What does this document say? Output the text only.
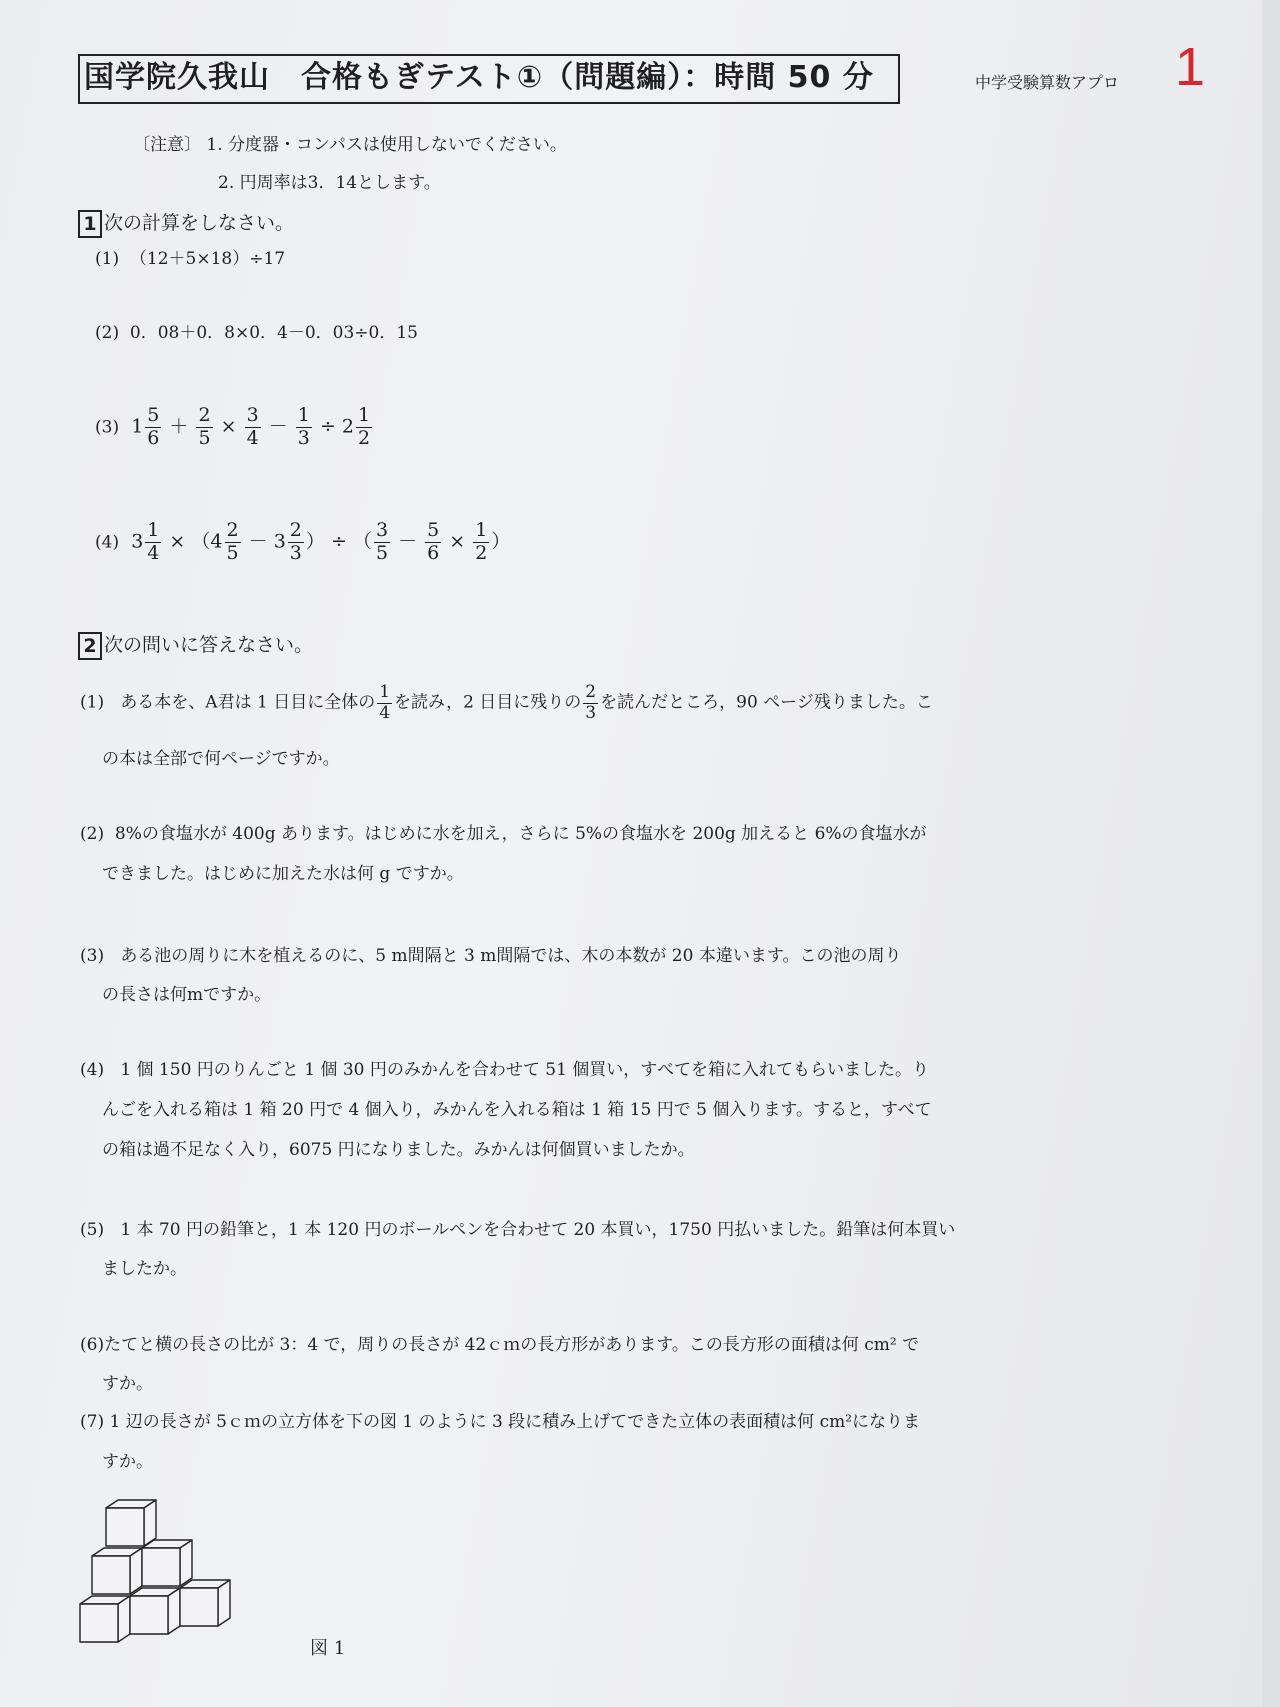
国学院久我山　合格もぎテスト①（問題編）：時間 50 分	中学受験算数アプロ 1
〔注意〕 1. 分度器・コンパスは使用しないでください。
2. 円周率は3．14とします。
1 次の計算をしなさい。
(1) （12＋5×18）÷17
(2) 0．08＋0．8×0．4－0．03÷0．15
(3) $1 \frac{5}{6} + \frac{2}{5} \times \frac{3}{4} - \frac{1}{3} \div 2 \frac{1}{2}$
(4) $3 \frac{1}{4} \times (4 \frac{2}{5} - 3 \frac{2}{3}$ ） ÷ （ $\frac{3}{5} - \frac{5}{6} \times \frac{1}{2}$ ）
2 次の問いに答えなさい。
(1) ある本を、A君は 1 日目に全体の $\frac{1}{4}$ を読み，2 日目に残りの $\frac{2}{3}$ を読んだところ，90 ページ残りました。こ
の本は全部で何ページですか。
(2) 8%の食塩水が 400g あります。はじめに水を加え，さらに 5%の食塩水を 200g 加えると 6%の食塩水が
できました。はじめに加えた水は何 g ですか。
(3) ある池の周りに木を植えるのに、5 m間隔と 3 m間隔では、木の本数が 20 本違います。この池の周り
の長さは何mですか。
(4) 1 個 150 円のりんごと 1 個 30 円のみかんを合わせて 51 個買い，すべてを箱に入れてもらいました。り
んごを入れる箱は 1 箱 20 円で 4 個入り，みかんを入れる箱は 1 箱 15 円で 5 個入ります。すると，すべて
の箱は過不足なく入り，6075 円になりました。みかんは何個買いましたか。
(5) 1 本 70 円の鉛筆と，1 本 120 円のボールペンを合わせて 20 本買い，1750 円払いました。鉛筆は何本買い
ましたか。
(6)たてと横の長さの比が 3：4 で，周りの長さが 42ｃｍの長方形があります。この長方形の面積は何 cm² で
すか。
(7) 1 辺の長さが 5ｃｍの立方体を下の図 1 のように 3 段に積み上げてできた立体の表面積は何 cm²になりま
すか。
図 1
